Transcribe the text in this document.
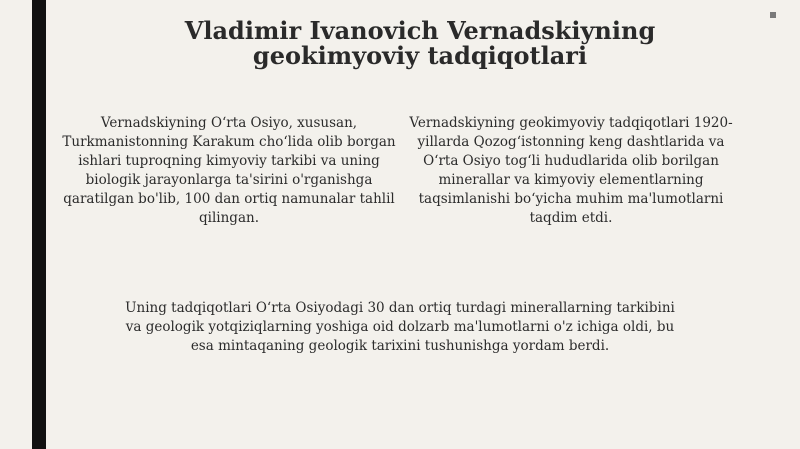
Vladimir Ivanovich Vernadskiyning geokimyoviy tadqiqotlari

Vernadskiyning O‘rta Osiyo, xususan, Turkmanistonning Karakum cho‘lida olib borgan ishlari tuproqning kimyoviy tarkibi va uning biologik jarayonlarga ta'sirini o'rganishga qaratilgan bo'lib, 100 dan ortiq namunalar tahlil qilingan.

Vernadskiyning geokimyoviy tadqiqotlari 1920-yillarda Qozog‘istonning keng dashtlarida va O‘rta Osiyo tog‘li hududlarida olib borilgan minerallar va kimyoviy elementlarning taqsimlanishi bo‘yicha muhim ma'lumotlarni taqdim etdi.

Uning tadqiqotlari O‘rta Osiyodagi 30 dan ortiq turdagi minerallarning tarkibini va geologik yotqiziqlarning yoshiga oid dolzarb ma'lumotlarni o'z ichiga oldi, bu esa mintaqaning geologik tarixini tushunishga yordam berdi.
